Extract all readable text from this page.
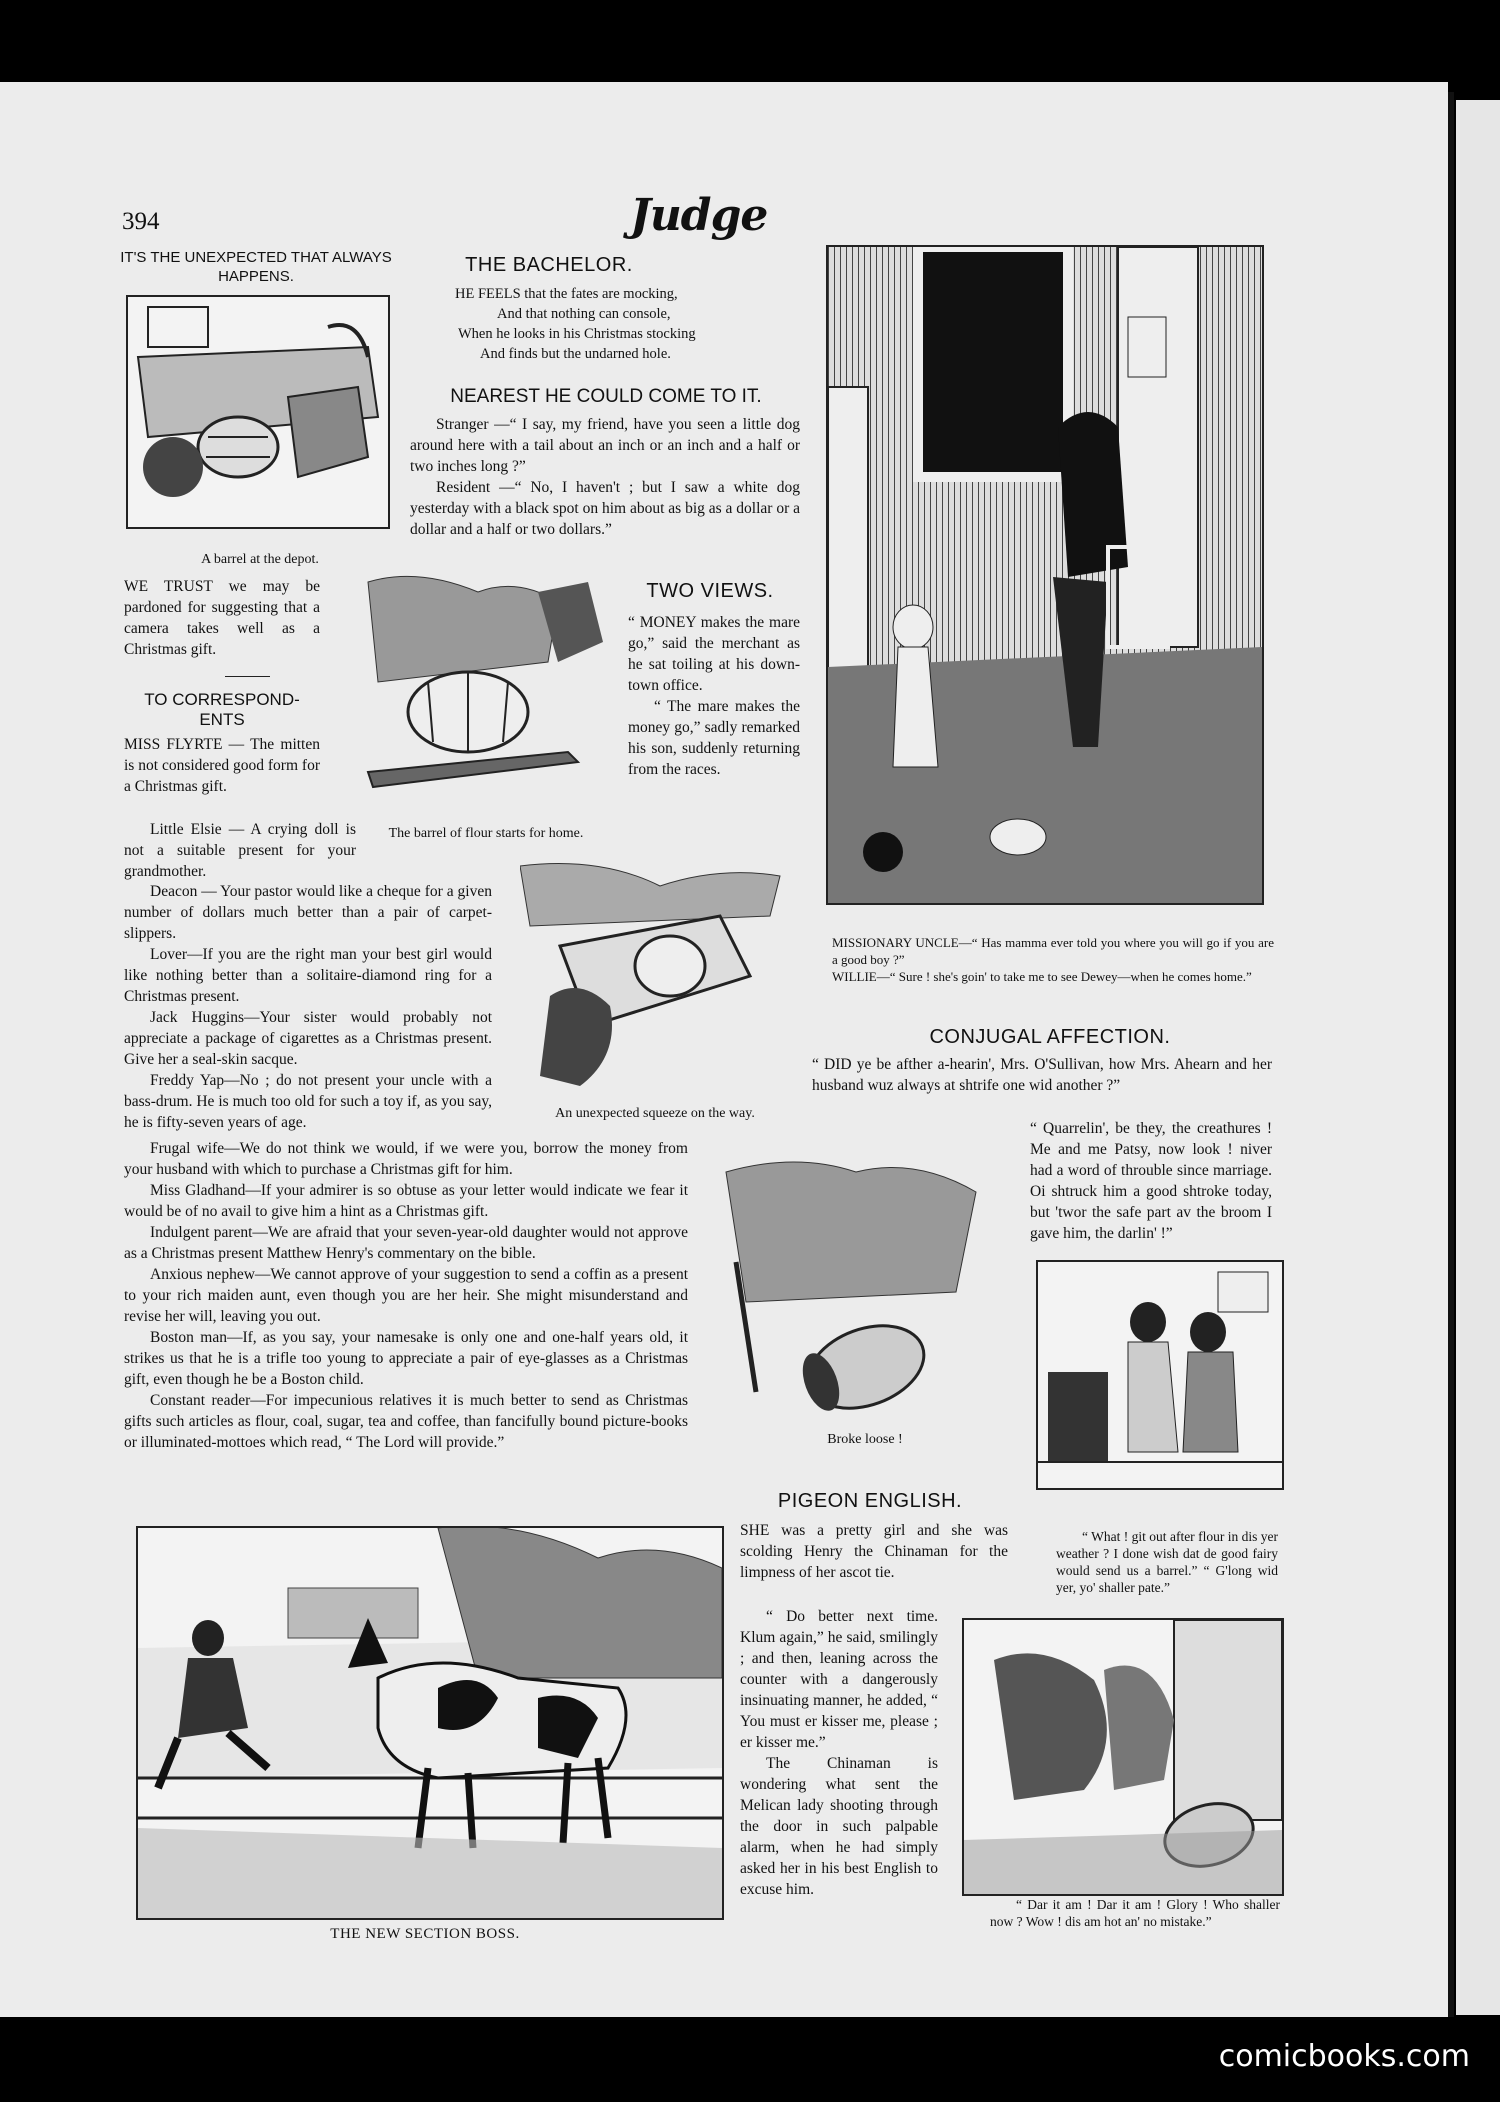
394	Judge
IT'S THE UNEXPECTED THAT ALWAYS HAPPENS.
A barrel at the depot.
WE TRUST we may be pardoned for suggesting that a camera takes well as a Christmas gift.
TO CORRESPOND-ENTS
MISS FLYRTE — The mitten is not considered good form for a Christmas gift.
Little Elsie — A crying doll is not a suitable present for your grandmother.

Deacon — Your pastor would like a cheque for a given number of dollars much better than a pair of carpet-slippers.

Lover—If you are the right man your best girl would like nothing better than a solitaire-diamond ring for a Christmas present.

Jack Huggins—Your sister would probably not appreciate a package of cigarettes as a Christmas present. Give her a seal-skin sacque.

Freddy Yap—No ; do not present your uncle with a bass-drum. He is much too old for such a toy if, as you say, he is fifty-seven years of age.

Frugal wife—We do not think we would, if we were you, borrow the money from your husband with which to purchase a Christmas gift for him.

Miss Gladhand—If your admirer is so obtuse as your letter would indicate we fear it would be of no avail to give him a hint as a Christmas gift.

Indulgent parent—We are afraid that your seven-year-old daughter would not approve as a Christmas present Matthew Henry's commentary on the bible.

Anxious nephew—We cannot approve of your suggestion to send a coffin as a present to your rich maiden aunt, even though you are her heir. She might misunderstand and revise her will, leaving you out.

Boston man—If, as you say, your namesake is only one and one-half years old, it strikes us that he is a trifle too young to appreciate a pair of eye-glasses as a Christmas gift, even though he be a Boston child.

Constant reader—For impecunious relatives it is much better to send as Christmas gifts such articles as flour, coal, sugar, tea and coffee, than fancifully bound picture-books or illuminated-mottoes which read, “ The Lord will provide.”

THE BACHELOR.
HE FEELS that the fates are mocking,
And that nothing can console,
When he looks in his Christmas stocking
And finds but the undarned hole.
NEAREST HE COULD COME TO IT.

Stranger —“ I say, my friend, have you seen a little dog around here with a tail about an inch or an inch and a half or two inches long ?”

Resident —“ No, I haven't ; but I saw a white dog yesterday with a black spot on him about as big as a dollar or a dollar and a half or two dollars.”

The barrel of flour starts for home.
TWO VIEWS.

“ MONEY makes the mare go,” said the merchant as he sat toiling at his down-town office.

“ The mare makes the money go,” sadly remarked his son, suddenly returning from the races.

An unexpected squeeze on the way.
Broke loose !
MISSIONARY UNCLE—“ Has mamma ever told you where you will go if you are a good boy ?”
WILLIE—“ Sure ! she's goin' to take me to see Dewey—when he comes home.”
CONJUGAL AFFECTION.
“ DID ye be afther a-hearin', Mrs. O'Sullivan, how Mrs. Ahearn and her husband wuz always at shtrife one wid another ?”
“ Quarrelin', be they, the creathures ! Me and me Patsy, now look ! niver had a word of throuble since marriage. Oi shtruck him a good shtroke today, but 'twor the safe part av the broom I gave him, the darlin' !”
“ What ! git out after flour in dis yer weather ? I done wish dat de good fairy would send us a barrel.” “ G'long wid yer, yo' shaller pate.”
“ Dar it am ! Dar it am ! Glory ! Who shaller now ? Wow ! dis am hot an' no mistake.”
THE NEW SECTION BOSS.
PIGEON ENGLISH.
SHE was a pretty girl and she was scolding Henry the Chinaman for the limpness of her ascot tie.

“ Do better next time. Klum again,” he said, smilingly ; and then, leaning across the counter with a dangerously insinuating manner, he added, “ You must er kisser me, please ; er kisser me.”

The Chinaman is wondering what sent the Melican lady shooting through the door in such palpable alarm, when he had simply asked her in his best English to excuse him.

comicbooks.com
